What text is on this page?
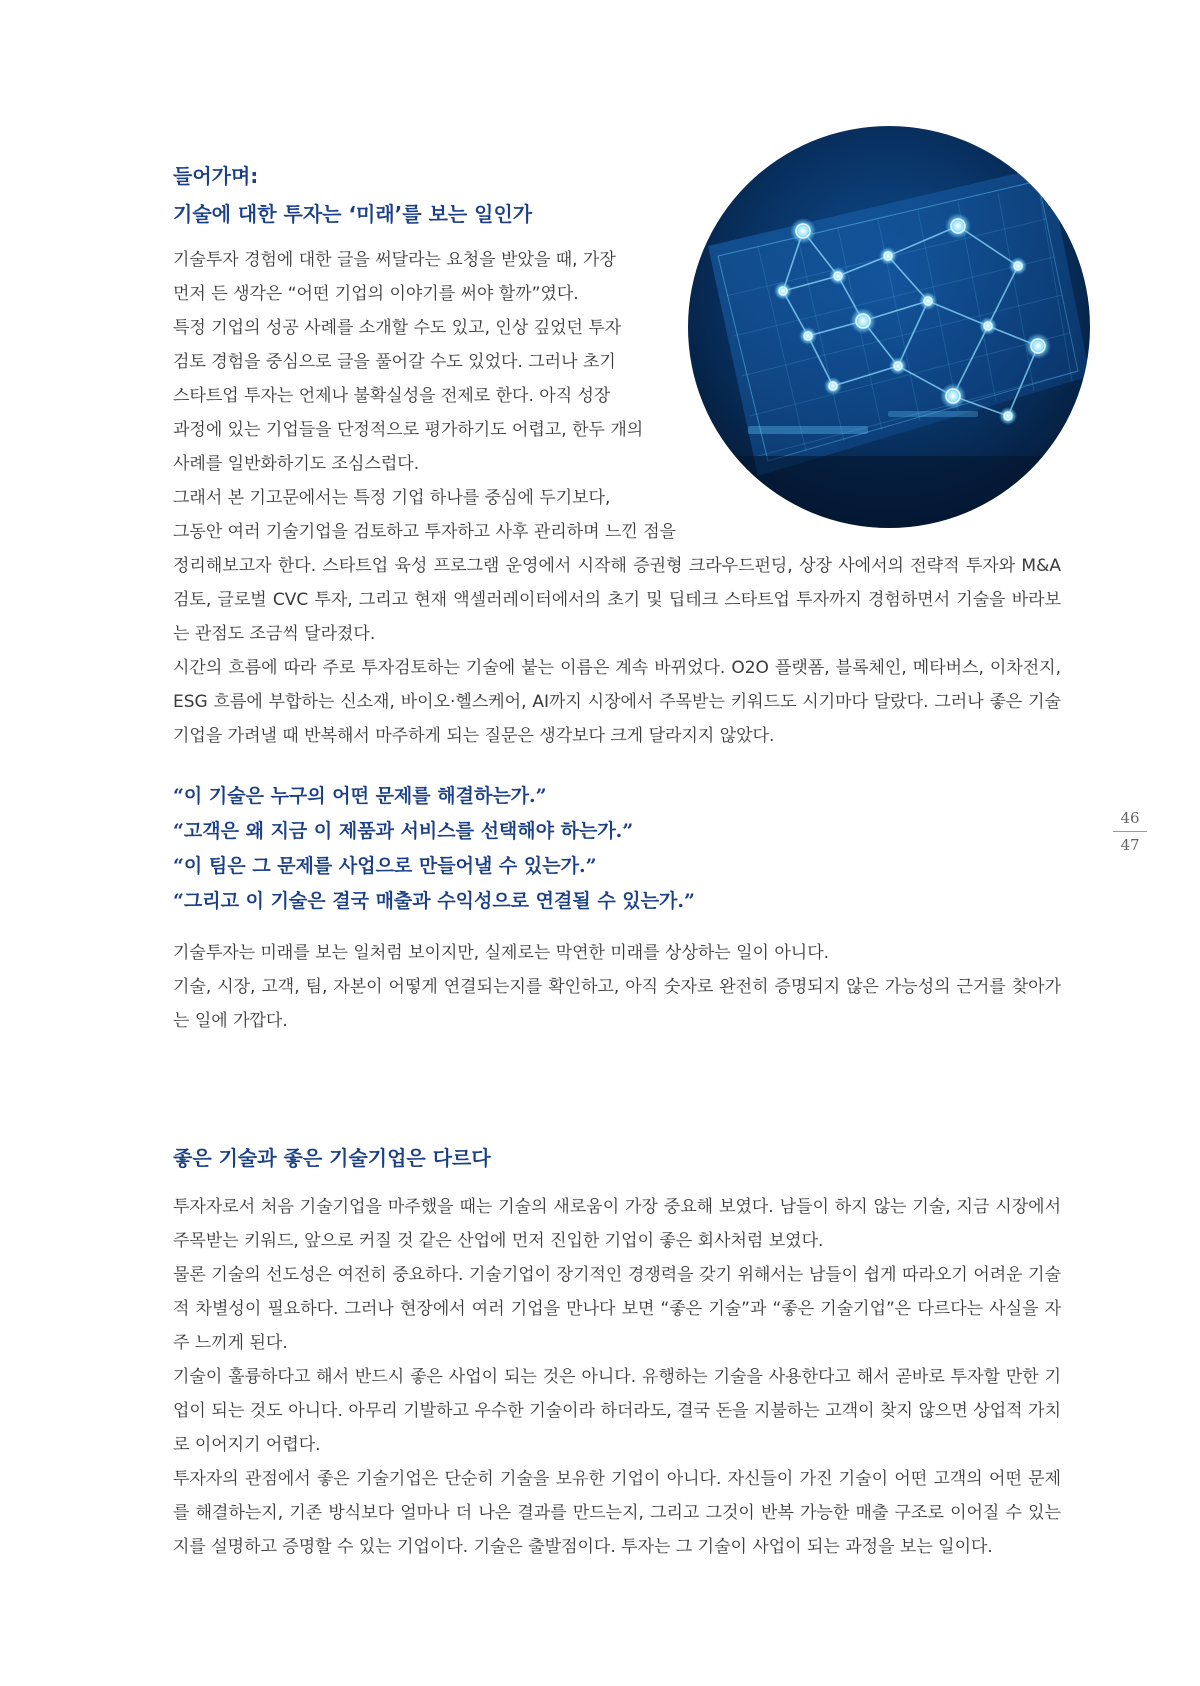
들어가며:
기술에 대한 투자는 ‘미래’를 보는 일인가
기술투자 경험에 대한 글을 써달라는 요청을 받았을 때, 가장
먼저 든 생각은 “어떤 기업의 이야기를 써야 할까”였다.
특정 기업의 성공 사례를 소개할 수도 있고, 인상 깊었던 투자
검토 경험을 중심으로 글을 풀어갈 수도 있었다. 그러나 초기
스타트업 투자는 언제나 불확실성을 전제로 한다. 아직 성장
과정에 있는 기업들을 단정적으로 평가하기도 어렵고, 한두 개의
사례를 일반화하기도 조심스럽다.
그래서 본 기고문에서는 특정 기업 하나를 중심에 두기보다,
그동안 여러 기술기업을 검토하고 투자하고 사후 관리하며 느낀 점을
정리해보고자 한다. 스타트업 육성 프로그램 운영에서 시작해 증권형 크라우드펀딩, 상장 사에서의 전략적 투자와 M&A 검토, 글로벌 CVC 투자, 그리고 현재 액셀러레이터에서의 초기 및 딥테크 스타트업 투자까지 경험하면서 기술을 바라보는 관점도 조금씩 달라졌다.
시간의 흐름에 따라 주로 투자검토하는 기술에 붙는 이름은 계속 바뀌었다. O2O 플랫폼, 블록체인, 메타버스, 이차전지, ESG 흐름에 부합하는 신소재, 바이오·헬스케어, AI까지 시장에서 주목받는 키워드도 시기마다 달랐다. 그러나 좋은 기술기업을 가려낼 때 반복해서 마주하게 되는 질문은 생각보다 크게 달라지지 않았다.
“이 기술은 누구의 어떤 문제를 해결하는가.”
“고객은 왜 지금 이 제품과 서비스를 선택해야 하는가.”
“이 팀은 그 문제를 사업으로 만들어낼 수 있는가.”
“그리고 이 기술은 결국 매출과 수익성으로 연결될 수 있는가.”
기술투자는 미래를 보는 일처럼 보이지만, 실제로는 막연한 미래를 상상하는 일이 아니다.
기술, 시장, 고객, 팀, 자본이 어떻게 연결되는지를 확인하고, 아직 숫자로 완전히 증명되지 않은 가능성의 근거를 찾아가는 일에 가깝다.
좋은 기술과 좋은 기술기업은 다르다
투자자로서 처음 기술기업을 마주했을 때는 기술의 새로움이 가장 중요해 보였다. 남들이 하지 않는 기술, 지금 시장에서 주목받는 키워드, 앞으로 커질 것 같은 산업에 먼저 진입한 기업이 좋은 회사처럼 보였다.
물론 기술의 선도성은 여전히 중요하다. 기술기업이 장기적인 경쟁력을 갖기 위해서는 남들이 쉽게 따라오기 어려운 기술적 차별성이 필요하다. 그러나 현장에서 여러 기업을 만나다 보면 “좋은 기술”과 “좋은 기술기업”은 다르다는 사실을 자주 느끼게 된다.
기술이 훌륭하다고 해서 반드시 좋은 사업이 되는 것은 아니다. 유행하는 기술을 사용한다고 해서 곧바로 투자할 만한 기업이 되는 것도 아니다. 아무리 기발하고 우수한 기술이라 하더라도, 결국 돈을 지불하는 고객이 찾지 않으면 상업적 가치로 이어지기 어렵다.
투자자의 관점에서 좋은 기술기업은 단순히 기술을 보유한 기업이 아니다. 자신들이 가진 기술이 어떤 고객의 어떤 문제를 해결하는지, 기존 방식보다 얼마나 더 나은 결과를 만드는지, 그리고 그것이 반복 가능한 매출 구조로 이어질 수 있는지를 설명하고 증명할 수 있는 기업이다. 기술은 출발점이다. 투자는 그 기술이 사업이 되는 과정을 보는 일이다.
46
47
